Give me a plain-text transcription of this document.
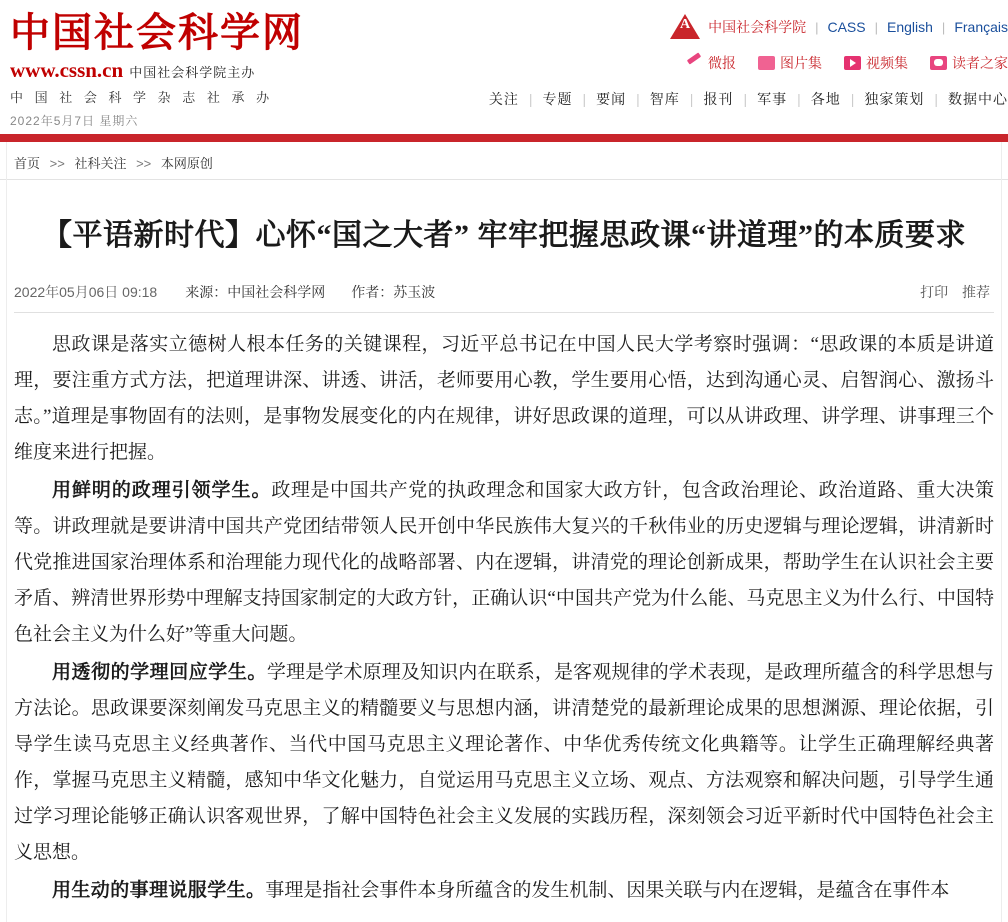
中国社会科学网
www.cssn.cn 中国社会科学院主办
中 国 社 会 科 学 杂 志 社 承 办
2022年5月7日 星期六
A	中国社会科学院 | CASS | English | Français
微报	图片集	视频集	读者之家
关注 | 专题 | 要闻 | 智库 | 报刊 | 军事 | 各地 | 独家策划 | 数据中心
首页 >> 社科关注 >> 本网原创
【平语新时代】心怀“国之大者” 牢牢把握思政课“讲道理”的本质要求
2022年05月06日 09:18 来源：中国社会科学网 作者：苏玉波	打印 推荐

思政课是落实立德树人根本任务的关键课程，习近平总书记在中国人民大学考察时强调：“思政课的本质是讲道理，要注重方式方法，把道理讲深、讲透、讲活，老师要用心教，学生要用心悟，达到沟通心灵、启智润心、激扬斗志。”道理是事物固有的法则，是事物发展变化的内在规律，讲好思政课的道理，可以从讲政理、讲学理、讲事理三个维度来进行把握。

用鲜明的政理引领学生。政理是中国共产党的执政理念和国家大政方针，包含政治理论、政治道路、重大决策等。讲政理就是要讲清中国共产党团结带领人民开创中华民族伟大复兴的千秋伟业的历史逻辑与理论逻辑，讲清新时代党推进国家治理体系和治理能力现代化的战略部署、内在逻辑，讲清党的理论创新成果，帮助学生在认识社会主要矛盾、辨清世界形势中理解支持国家制定的大政方针，正确认识“中国共产党为什么能、马克思主义为什么行、中国特色社会主义为什么好”等重大问题。

用透彻的学理回应学生。学理是学术原理及知识内在联系，是客观规律的学术表现，是政理所蕴含的科学思想与方法论。思政课要深刻阐发马克思主义的精髓要义与思想内涵，讲清楚党的最新理论成果的思想渊源、理论依据，引导学生读马克思主义经典著作、当代中国马克思主义理论著作、中华优秀传统文化典籍等。让学生正确理解经典著作，掌握马克思主义精髓，感知中华文化魅力，自觉运用马克思主义立场、观点、方法观察和解决问题，引导学生通过学习理论能够正确认识客观世界，了解中国特色社会主义发展的实践历程，深刻领会习近平新时代中国特色社会主义思想。

用生动的事理说服学生。事理是指社会事件本身所蕴含的发生机制、因果关联与内在逻辑，是蕴含在事件本
